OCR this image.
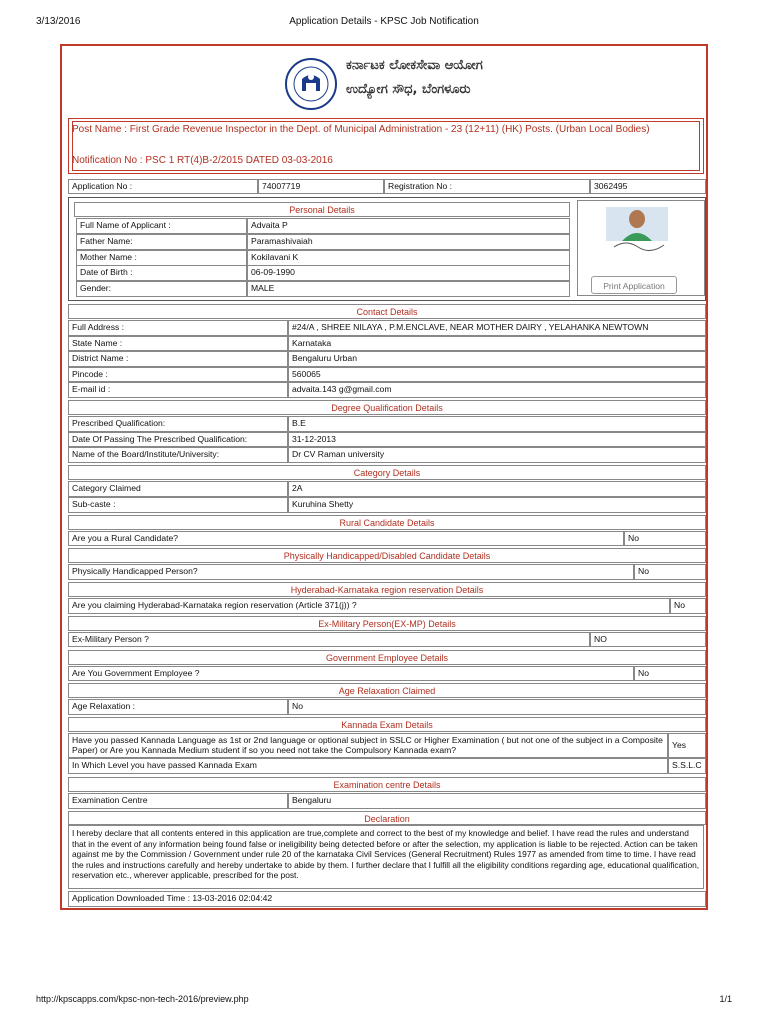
3/13/2016	Application Details - KPSC Job Notification
http://kpscapps.com/kpsc-non-tech-2016/preview.php	1/1
ಕರ್ನಾಟಕ ಲೋಕಸೇವಾ ಆಯೋಗ
ಉದ್ಯೋಗ ಸೌಧ, ಬೆಂಗಳೂರು
Post Name : First Grade Revenue Inspector in the Dept. of Municipal Administration - 23 (12+11) (HK) Posts. (Urban Local Bodies)
Notification No : PSC 1 RT(4)B-2/2015 DATED 03-03-2016
Application No :	74007719	Registration No :	3062495
Personal Details
Full Name of Applicant :	Advaita P
Father Name:	Paramashivaiah
Mother Name :	Kokilavani K
Date of Birth :	06-09-1990
Gender:	MALE	Print Application
Contact Details
Full Address :	#24/A , SHREE NILAYA , P.M.ENCLAVE, NEAR MOTHER DAIRY , YELAHANKA NEWTOWN
State Name :	Karnataka
District Name :	Bengaluru Urban
Pincode :	560065
E-mail id :	advaita.143 g@gmail.com
Degree Qualification Details
Prescribed Qualification:	B.E
Date Of Passing The Prescribed Qualification:	31-12-2013
Name of the Board/Institute/University:	Dr CV Raman university
Category Details
Category Claimed	2A
Sub-caste :	Kuruhina Shetty
Rural Candidate Details
Are you a Rural Candidate?	No
Physically Handicapped/Disabled Candidate Details
Physically Handicapped Person?	No
Hyderabad-Karnataka region reservation Details
Are you claiming Hyderabad-Karnataka region reservation (Article 371(j)) ?	No
Ex-Military Person(EX-MP) Details
Ex-Military Person ?	NO
Government Employee Details
Are You Government Employee ?	No
Age Relaxation Claimed
Age Relaxation :	No
Kannada Exam Details
Have you passed Kannada Language as 1st or 2nd language or optional subject in SSLC or Higher Examination ( but not one of the subject in a Composite Paper) or Are you Kannada Medium student if so you need not take the Compulsory Kannada exam?	Yes
In Which Level you have passed Kannada Exam	S.S.L.C
Examination centre Details
Examination Centre	Bengaluru
Declaration
I hereby declare that all contents entered in this application are true,complete and correct to the best of my knowledge and belief. I have read the rules and understand that in the event of any information being found false or ineligibility being detected before or after the selection, my application is liable to be rejected. Action can be taken against me by the Commission / Government under rule 20 of the karnataka Civil Services (General Recruitment) Rules 1977 as amended from time to time. I have read the rules and instructions carefully and hereby undertake to abide by them. I further declare that I fulfill all the eligibility conditions regarding age, educational qualification, reservation etc., wherever applicable, prescribed for the post.
Application Downloaded Time : 13-03-2016 02:04:42
